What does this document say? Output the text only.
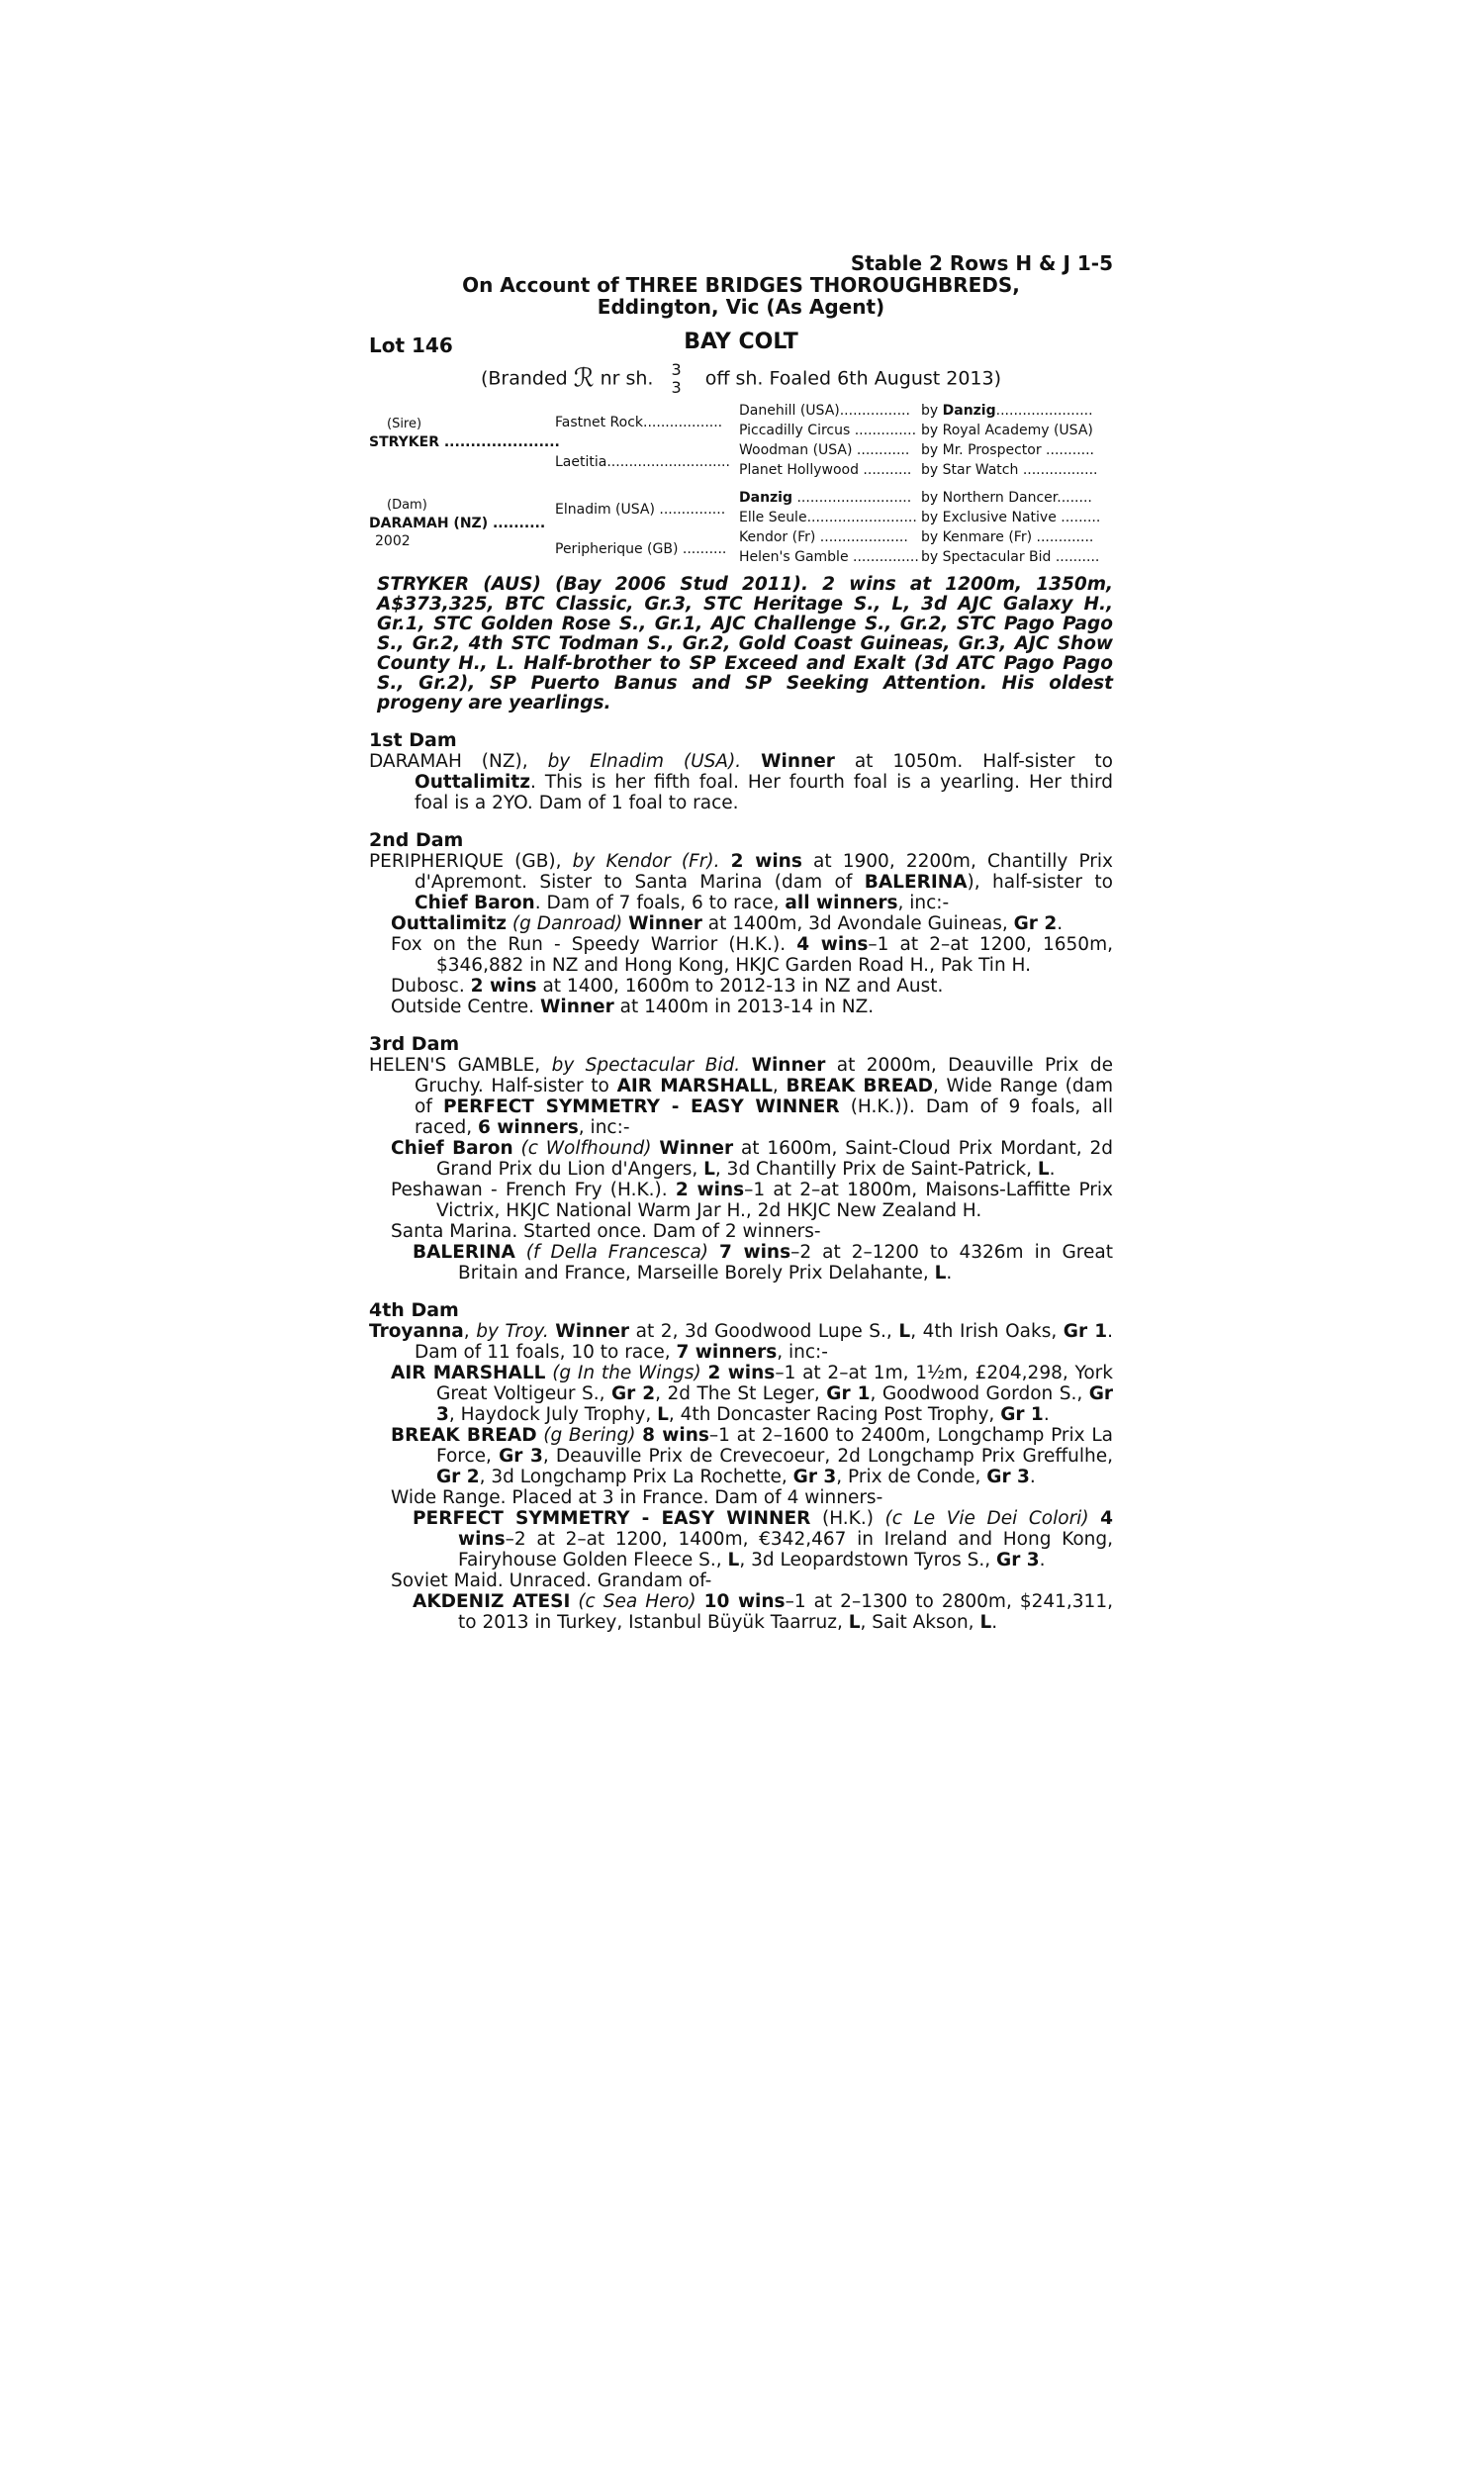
Stable 2 Rows H & J 1-5
On Account of THREE BRIDGES THOROUGHBREDS,
Eddington, Vic (As Agent)
Lot 146	BAY COLT
(Branded ℛ nr sh. 3
3 off sh. Foaled 6th August 2013)
(Sire)
STRYKER ......................
(Dam)
DARAMAH (NZ) ..........
2002
Fastnet Rock..................
Laetitia............................
Elnadim (USA) ...............
Peripherique (GB) ..........
Danehill (USA)................
Piccadilly Circus ..............
Woodman (USA) ............
Planet Hollywood ...........
Danzig ..........................
Elle Seule.........................
Kendor (Fr) ....................
Helen's Gamble ...............
by Danzig......................
by Royal Academy (USA)
by Mr. Prospector ...........
by Star Watch .................
by Northern Dancer........
by Exclusive Native .........
by Kenmare (Fr) .............
by Spectacular Bid ..........
STRYKER (AUS) (Bay 2006 Stud 2011). 2 wins at 1200m, 1350m, A$373,325, BTC Classic, Gr.3, STC Heritage S., L, 3d AJC Galaxy H., Gr.1, STC Golden Rose S., Gr.1, AJC Challenge S., Gr.2, STC Pago Pago S., Gr.2, 4th STC Todman S., Gr.2, Gold Coast Guineas, Gr.3, AJC Show County H., L. Half-brother to SP Exceed and Exalt (3d ATC Pago Pago S., Gr.2), SP Puerto Banus and SP Seeking Attention. His oldest progeny are yearlings.
1st Dam
DARAMAH (NZ), by Elnadim (USA). Winner at 1050m. Half-sister to Outtalimitz. This is her fifth foal. Her fourth foal is a yearling. Her third foal is a 2YO. Dam of 1 foal to race.
2nd Dam
PERIPHERIQUE (GB), by Kendor (Fr). 2 wins at 1900, 2200m, Chantilly Prix d'Apremont. Sister to Santa Marina (dam of BALERINA), half-sister to Chief Baron. Dam of 7 foals, 6 to race, all winners, inc:-
Outtalimitz (g Danroad) Winner at 1400m, 3d Avondale Guineas, Gr 2.
Fox on the Run - Speedy Warrior (H.K.). 4 wins–1 at 2–at 1200, 1650m, $346,882 in NZ and Hong Kong, HKJC Garden Road H., Pak Tin H.
Dubosc. 2 wins at 1400, 1600m to 2012-13 in NZ and Aust.
Outside Centre. Winner at 1400m in 2013-14 in NZ.
3rd Dam
HELEN'S GAMBLE, by Spectacular Bid. Winner at 2000m, Deauville Prix de Gruchy. Half-sister to AIR MARSHALL, BREAK BREAD, Wide Range (dam of PERFECT SYMMETRY - EASY WINNER (H.K.)). Dam of 9 foals, all raced, 6 winners, inc:-
Chief Baron (c Wolfhound) Winner at 1600m, Saint-Cloud Prix Mordant, 2d Grand Prix du Lion d'Angers, L, 3d Chantilly Prix de Saint-Patrick, L.
Peshawan - French Fry (H.K.). 2 wins–1 at 2–at 1800m, Maisons-Laffitte Prix Victrix, HKJC National Warm Jar H., 2d HKJC New Zealand H.
Santa Marina. Started once. Dam of 2 winners-
BALERINA (f Della Francesca) 7 wins–2 at 2–1200 to 4326m in Great Britain and France, Marseille Borely Prix Delahante, L.
4th Dam
Troyanna, by Troy. Winner at 2, 3d Goodwood Lupe S., L, 4th Irish Oaks, Gr 1. Dam of 11 foals, 10 to race, 7 winners, inc:-
AIR MARSHALL (g In the Wings) 2 wins–1 at 2–at 1m, 1½m, £204,298, York Great Voltigeur S., Gr 2, 2d The St Leger, Gr 1, Goodwood Gordon S., Gr 3, Haydock July Trophy, L, 4th Doncaster Racing Post Trophy, Gr 1.
BREAK BREAD (g Bering) 8 wins–1 at 2–1600 to 2400m, Longchamp Prix La Force, Gr 3, Deauville Prix de Crevecoeur, 2d Longchamp Prix Greffulhe, Gr 2, 3d Longchamp Prix La Rochette, Gr 3, Prix de Conde, Gr 3.
Wide Range. Placed at 3 in France. Dam of 4 winners-
PERFECT SYMMETRY - EASY WINNER (H.K.) (c Le Vie Dei Colori) 4 wins–2 at 2–at 1200, 1400m, €342,467 in Ireland and Hong Kong, Fairyhouse Golden Fleece S., L, 3d Leopardstown Tyros S., Gr 3.
Soviet Maid. Unraced. Grandam of-
AKDENIZ ATESI (c Sea Hero) 10 wins–1 at 2–1300 to 2800m, $241,311, to 2013 in Turkey, Istanbul Büyük Taarruz, L, Sait Akson, L.
